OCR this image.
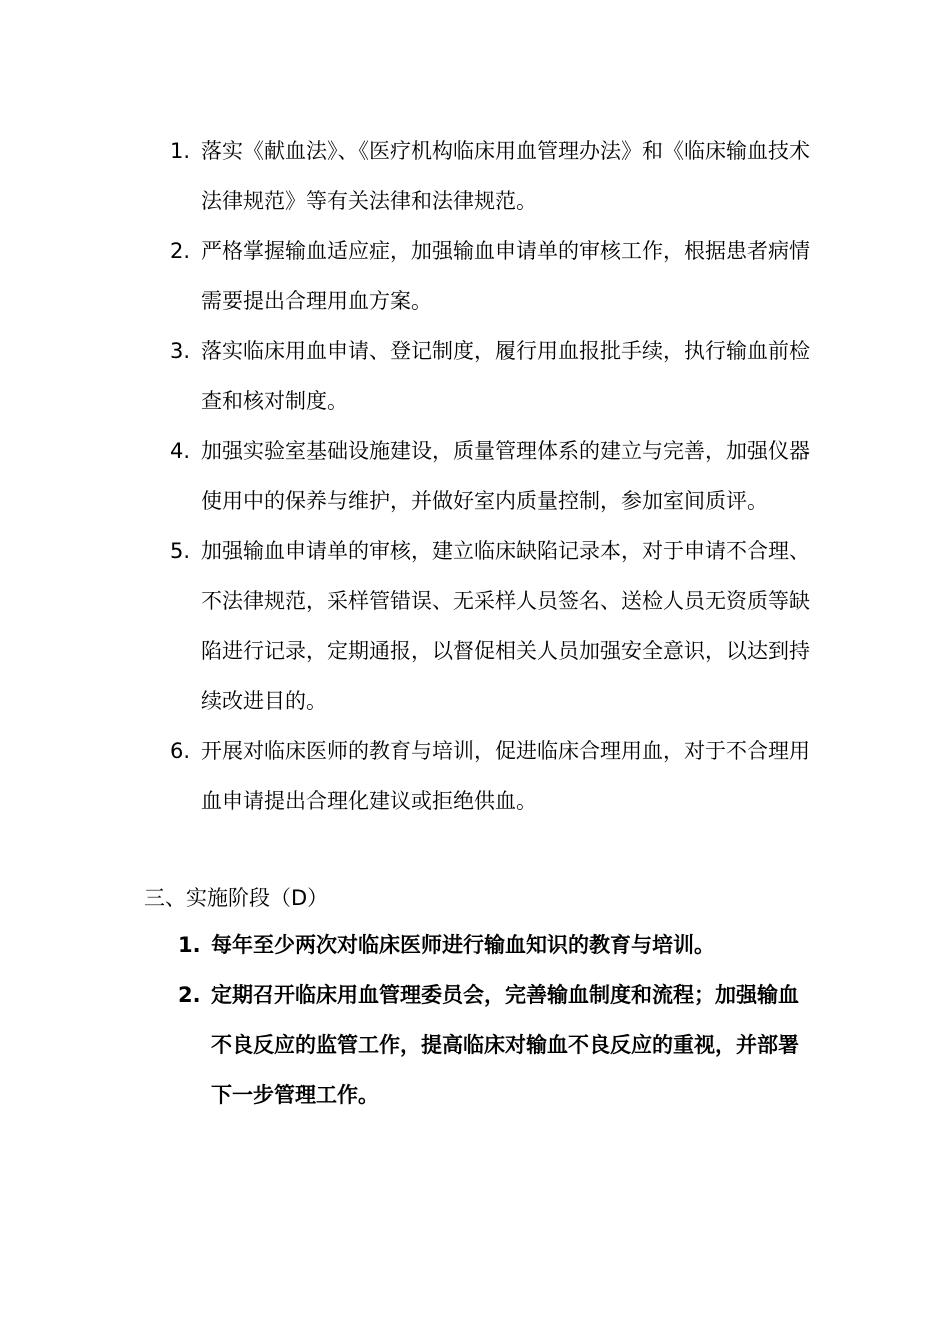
1. 落实《献血法》、《医疗机构临床用血管理办法》和《临床输血技术法律规范》等有关法律和法律规范。
2. 严格掌握输血适应症，加强输血申请单的审核工作，根据患者病情需要提出合理用血方案。
3. 落实临床用血申请、登记制度，履行用血报批手续，执行输血前检查和核对制度。
4. 加强实验室基础设施建设，质量管理体系的建立与完善，加强仪器使用中的保养与维护，并做好室内质量控制，参加室间质评。
5. 加强输血申请单的审核，建立临床缺陷记录本，对于申请不合理、不法律规范，采样管错误、无采样人员签名、送检人员无资质等缺陷进行记录，定期通报，以督促相关人员加强安全意识，以达到持续改进目的。
6. 开展对临床医师的教育与培训，促进临床合理用血，对于不合理用血申请提出合理化建议或拒绝供血。
三、实施阶段（D）
1. 每年至少两次对临床医师进行输血知识的教育与培训。
2. 定期召开临床用血管理委员会，完善输血制度和流程；加强输血不良反应的监管工作，提高临床对输血不良反应的重视，并部署下一步管理工作。
